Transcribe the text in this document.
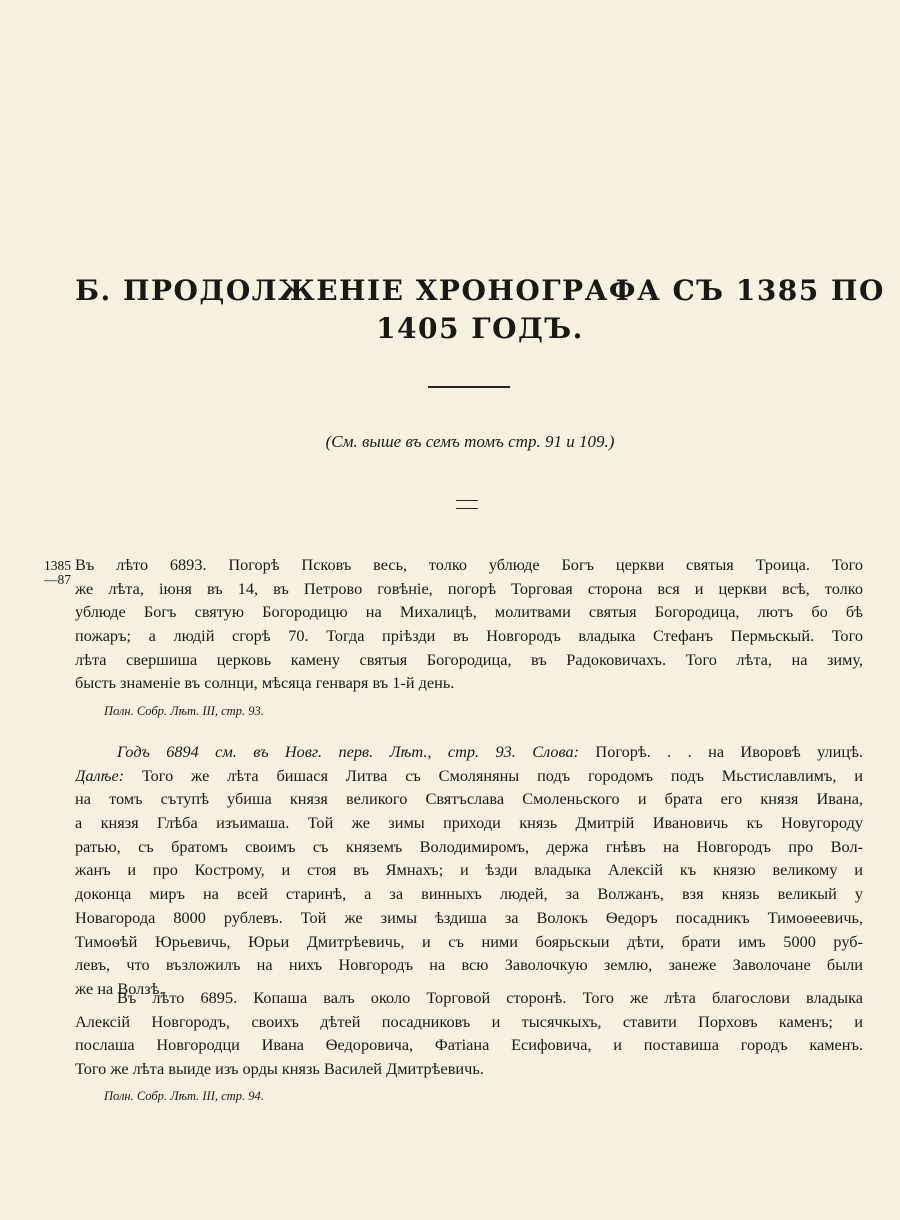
Б. ПРОДОЛЖЕНІЕ ХРОНОГРАФА СЪ 1385 ПО
1405 ГОДЪ.
(См. выше въ семъ томъ стр. 91 и 109.)
1385
—87
Въ лѣто 6893. Погорѣ Псковъ весь, толко ублюде Богъ церкви святыя Троица. Того
же лѣта, іюня въ 14, въ Петрово говѣніе, погорѣ Торговая сторона вся и церкви всѣ, толко
ублюде Богъ святую Богородицю на Михалицѣ, молитвами святыя Богородица, лютъ бо бѣ
пожаръ; а людій сгорѣ 70. Тогда пріѣзди въ Новгородъ владыка Стефанъ Пермьскый. Того
лѣта свершиша церковь камену святыя Богородица, въ Радоковичахъ. Того лѣта, на зиму,
бысть знаменіе въ солнци, мѣсяца генваря въ 1-й день.
Полн. Собр. Лѣт. III, стр. 93.
Годъ 6894 см. въ Новг. перв. Лѣт., стр. 93. Слова: Погорѣ. . . на Иворовѣ улицѣ.
Далѣе: Того же лѣта бишася Литва съ Смоляняны подъ городомъ подъ Мьстиславлимъ, и
на томъ сътупѣ убиша князя великого Святъслава Смоленьского и брата его князя Ивана,
а князя Глѣба изъимаша. Той же зимы приходи князь Дмитрій Ивановичь къ Новугороду
ратью, съ братомъ своимъ съ княземъ Володимиромъ, держа гнѣвъ на Новгородъ про Вол-
жанъ и про Кострому, и стоя въ Ямнахъ; и ѣзди владыка Алексій къ князю великому и
доконца миръ на всей старинѣ, а за винныхъ людей, за Волжанъ, взя князь великый у
Новагорода 8000 рублевъ. Той же зимы ѣздиша за Волокъ Ѳедоръ посадникъ Тимоѳеевичь,
Тимоѳѣй Юрьевичь, Юрьи Дмитрѣевичь, и съ ними боярьскыи дѣти, брати имъ 5000 руб-
левъ, что възложилъ на нихъ Новгородъ на всю Заволочкую землю, занеже Заволочане были
же на Волзѣ.
Въ лѣто 6895. Копаша валъ около Торговой сторонѣ. Того же лѣта благослови владыка
Алексій Новгородъ, своихъ дѣтей посадниковъ и тысячкыхъ, ставити Порховъ каменъ; и
послаша Новгородци Ивана Ѳедоровича, Фатіана Есифовича, и поставиша городъ каменъ.
Того же лѣта выиде изъ орды князь Василей Дмитрѣевичь.
Полн. Собр. Лѣт. III, стр. 94.
